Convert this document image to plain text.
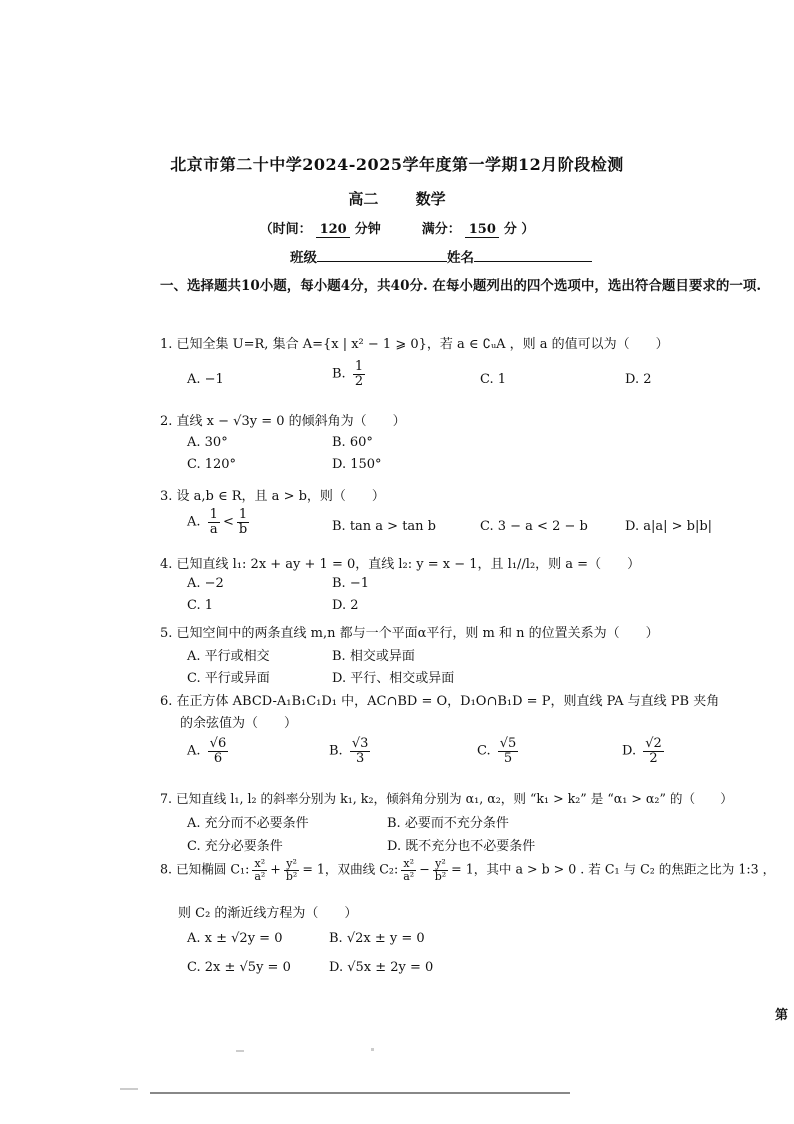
北京市第二十中学2024-2025学年度第一学期12月阶段检测
高二 数学
（时间： 120 分钟	满分： 150 分 ）
班级	姓名
一、选择题共10小题，每小题4分，共40分. 在每小题列出的四个选项中，选出符合题目要求的一项.
1. 已知全集 U=R, 集合 A={x | x² − 1 ⩾ 0}，若 a ∈ ∁ᵤA ，则 a 的值可以为（　　）
A. −1	B. $\frac{1}{2}$	C. 1	D. 2
2. 直线 x − √3y = 0 的倾斜角为（　　）
A. 30°	B. 60°
C. 120°	D. 150°
3. 设 a,b ∈ R，且 a > b，则（　　）
A. $\frac{1}{a} < \frac{1}{b}$	B. tan a > tan b	C. 3 − a < 2 − b	D. a|a| > b|b|
4. 已知直线 l₁: 2x + ay + 1 = 0，直线 l₂: y = x − 1，且 l₁//l₂，则 a =（　　）
A. −2	B. −1
C. 1	D. 2
5. 已知空间中的两条直线 m,n 都与一个平面α平行，则 m 和 n 的位置关系为（　　）
A. 平行或相交	B. 相交或异面
C. 平行或异面	D. 平行、相交或异面
6. 在正方体 ABCD-A₁B₁C₁D₁ 中，AC∩BD = O，D₁O∩B₁D = P，则直线 PA 与直线 PB 夹角
的余弦值为（　　）
A. $\frac{√6}{6}$	B. $\frac{√3}{3}$	C. $\frac{√5}{5}$	D. $\frac{√2}{2}$
7. 已知直线 l₁, l₂ 的斜率分别为 k₁, k₂，倾斜角分别为 α₁, α₂，则 “k₁ > k₂” 是 “α₁ > α₂” 的（　　）
A. 充分而不必要条件	B. 必要而不充分条件
C. 充分必要条件	D. 既不充分也不必要条件
8. 已知椭圆 C₁: $\frac{\text{x²}}{\text{a²}} + \frac{\text{y²}}{\text{b²}} = 1$，双曲线 C₂: $\frac{\text{x²}}{\text{a²}} - \frac{\text{y²}}{\text{b²}} = 1$，其中 a > b > 0 . 若 C₁ 与 C₂ 的焦距之比为 1:3 ，
则 C₂ 的渐近线方程为（　　）
A. x ± √2y = 0	B. √2x ± y = 0
C. 2x ± √5y = 0	D. √5x ± 2y = 0
第
